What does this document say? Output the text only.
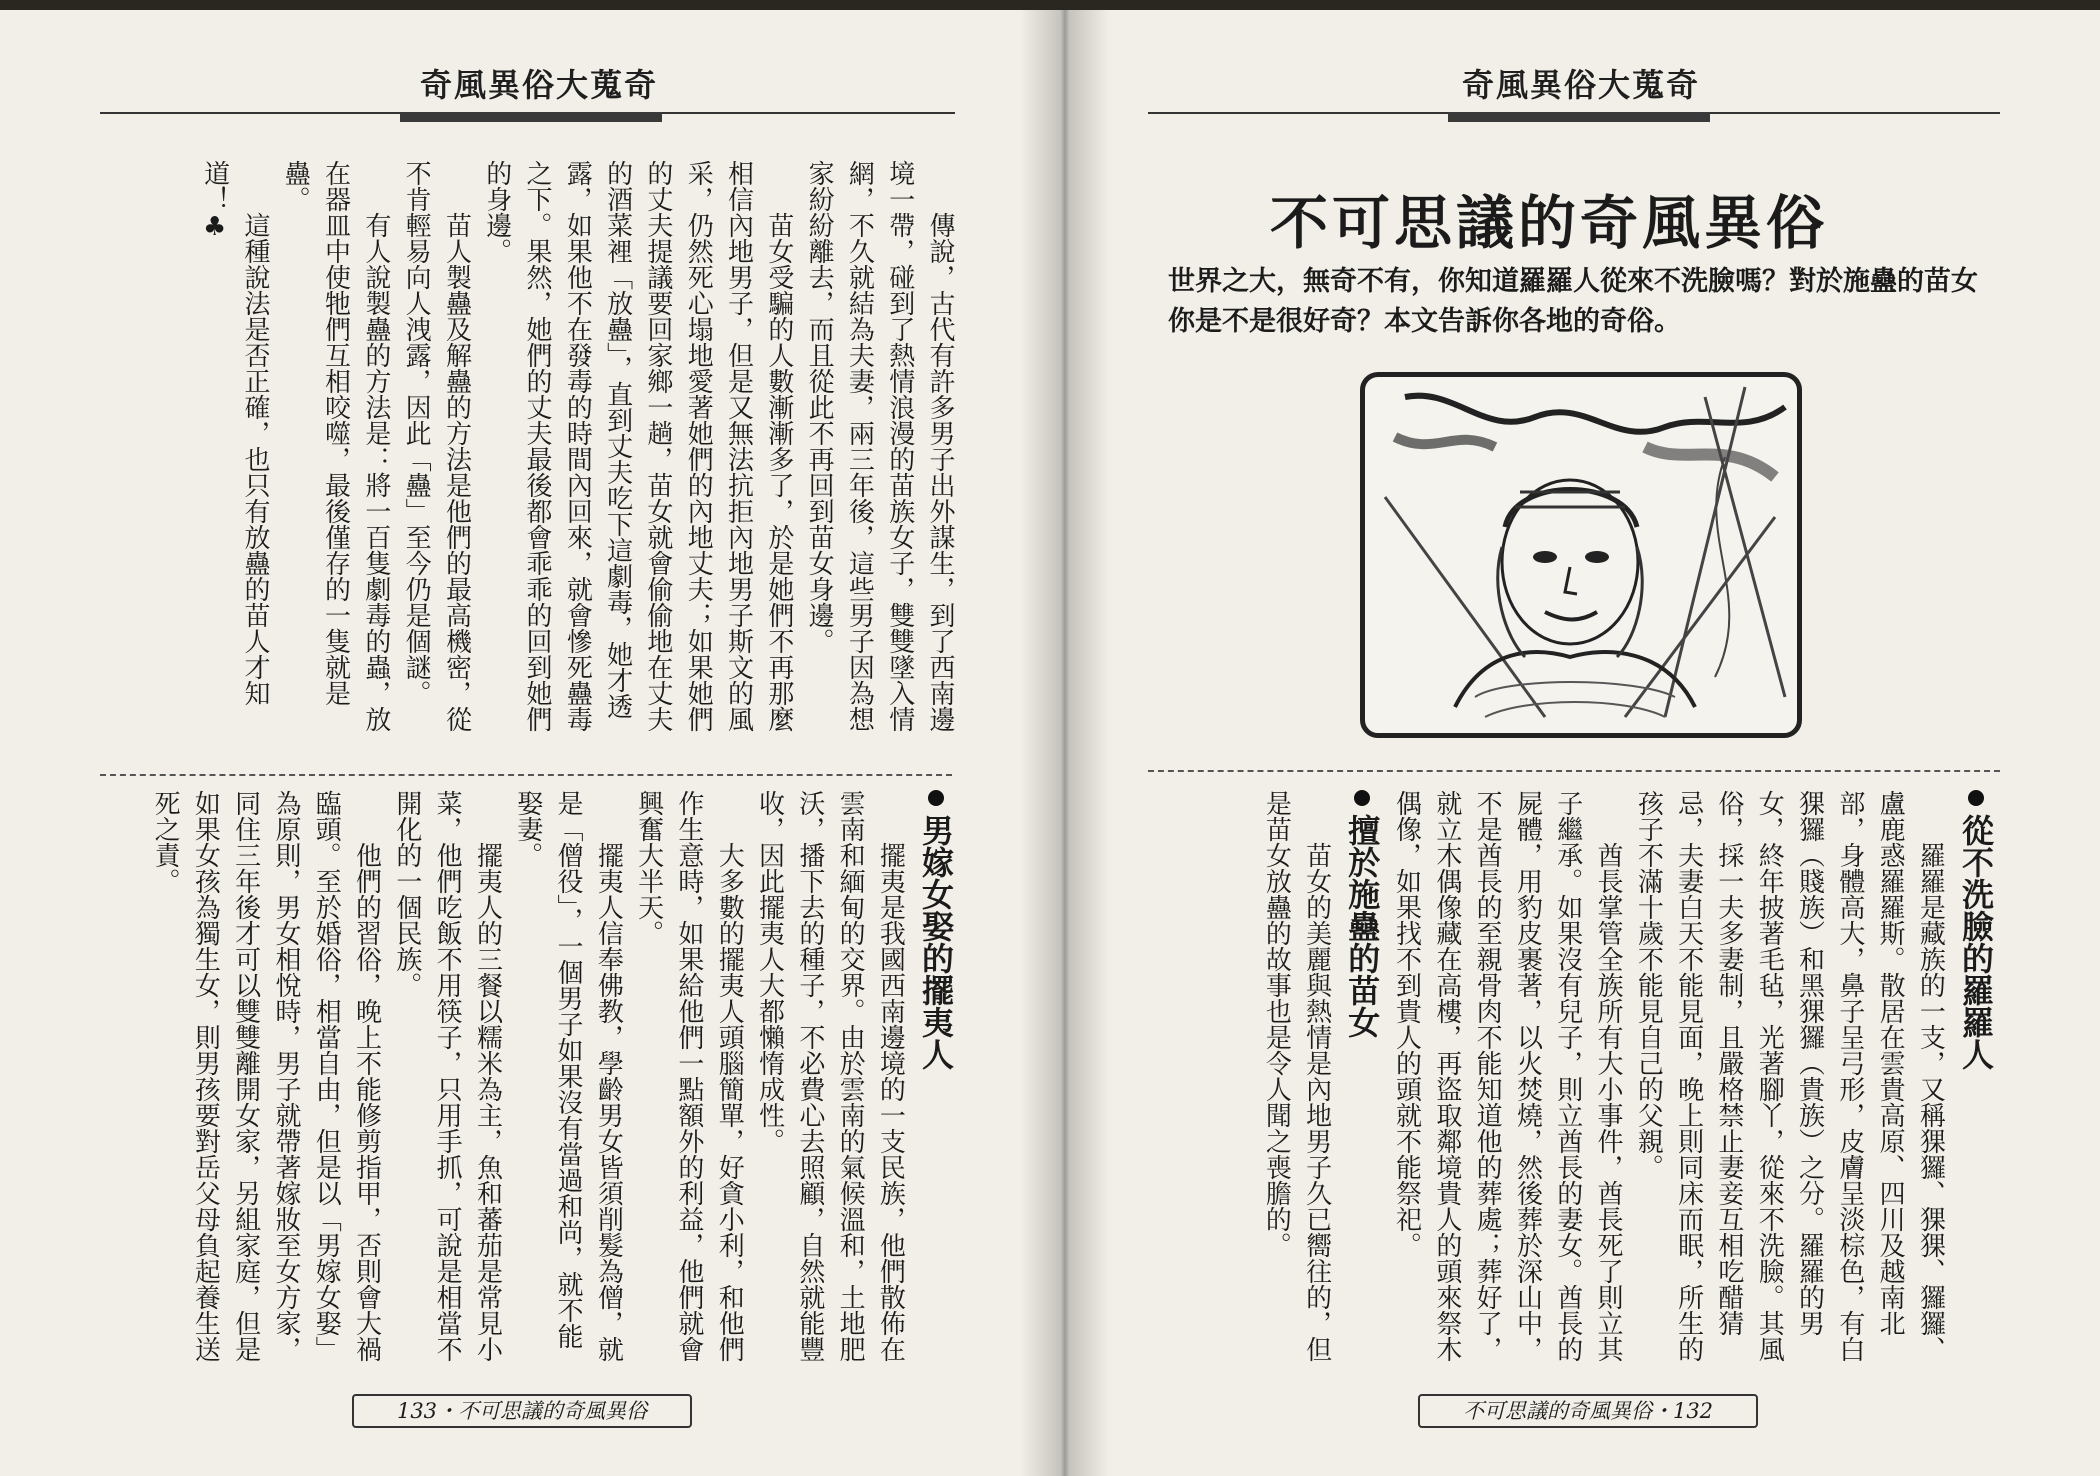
奇風異俗大蒐奇

傳說，古代有許多男子出外謀生，到了西南邊境一帶，碰到了熱情浪漫的苗族女子，雙雙墜入情網，不久就結為夫妻，兩三年後，這些男子因為想家紛紛離去，而且從此不再回到苗女身邊。

苗女受騙的人數漸漸多了，於是她們不再那麼相信內地男子，但是又無法抗拒內地男子斯文的風采，仍然死心塌地愛著她們的內地丈夫；如果她們的丈夫提議要回家鄉一趟，苗女就會偷偷地在丈夫的酒菜裡「放蠱」，直到丈夫吃下這劇毒，她才透露，如果他不在發毒的時間內回來，就會慘死蠱毒之下。果然，她們的丈夫最後都會乖乖的回到她們的身邊。

苗人製蠱及解蠱的方法是他們的最高機密，從不肯輕易向人洩露，因此「蠱」至今仍是個謎。

有人說製蠱的方法是：將一百隻劇毒的蟲，放在器皿中使牠們互相咬噬，最後僅存的一隻就是蠱。

這種說法是否正確，也只有放蠱的苗人才知道！♣

男嫁女娶的擺夷人

擺夷是我國西南邊境的一支民族，他們散佈在雲南和緬甸的交界。由於雲南的氣候溫和，土地肥沃，播下去的種子，不必費心去照顧，自然就能豐收，因此擺夷人大都懶惰成性。

大多數的擺夷人頭腦簡單，好貪小利，和他們作生意時，如果給他們一點額外的利益，他們就會興奮大半天。

擺夷人信奉佛教，學齡男女皆須削髮為僧，就是「僧役」，一個男子如果沒有當過和尚，就不能娶妻。

擺夷人的三餐以糯米為主，魚和蕃茄是常見小菜，他們吃飯不用筷子，只用手抓，可說是相當不開化的一個民族。

他們的習俗，晚上不能修剪指甲，否則會大禍臨頭。至於婚俗，相當自由，但是以「男嫁女娶」為原則，男女相悅時，男子就帶著嫁妝至女方家，同住三年後才可以雙雙離開女家，另組家庭，但是如果女孩為獨生女，則男孩要對岳父母負起養生送死之責。

133・不可思議的奇風異俗
奇風異俗大蒐奇
不可思議的奇風異俗
世界之大，無奇不有，你知道羅羅人從來不洗臉嗎？對於施蠱的苗女你是不是很好奇？本文告訴你各地的奇俗。

從不洗臉的羅羅人

羅羅是藏族的一支，又稱猓玀、猓猓、玀玀、盧鹿惑羅羅斯。散居在雲貴高原、四川及越南北部，身體高大，鼻子呈弓形，皮膚呈淡棕色，有白猓玀（賤族）和黑猓玀（貴族）之分。羅羅的男女，終年披著毛毡，光著腳丫，從來不洗臉。其風俗，採一夫多妻制，且嚴格禁止妻妾互相吃醋猜忌，夫妻白天不能見面，晚上則同床而眠，所生的孩子不滿十歲不能見自己的父親。

酋長掌管全族所有大小事件，酋長死了則立其子繼承。如果沒有兒子，則立酋長的妻女。酋長的屍體，用豹皮裹著，以火焚燒，然後葬於深山中，不是酋長的至親骨肉不能知道他的葬處；葬好了，就立木偶像藏在高樓，再盜取鄰境貴人的頭來祭木偶像，如果找不到貴人的頭就不能祭祀。

擅於施蠱的苗女

苗女的美麗與熱情是內地男子久已嚮往的，但是苗女放蠱的故事也是令人聞之喪膽的。

不可思議的奇風異俗・132
